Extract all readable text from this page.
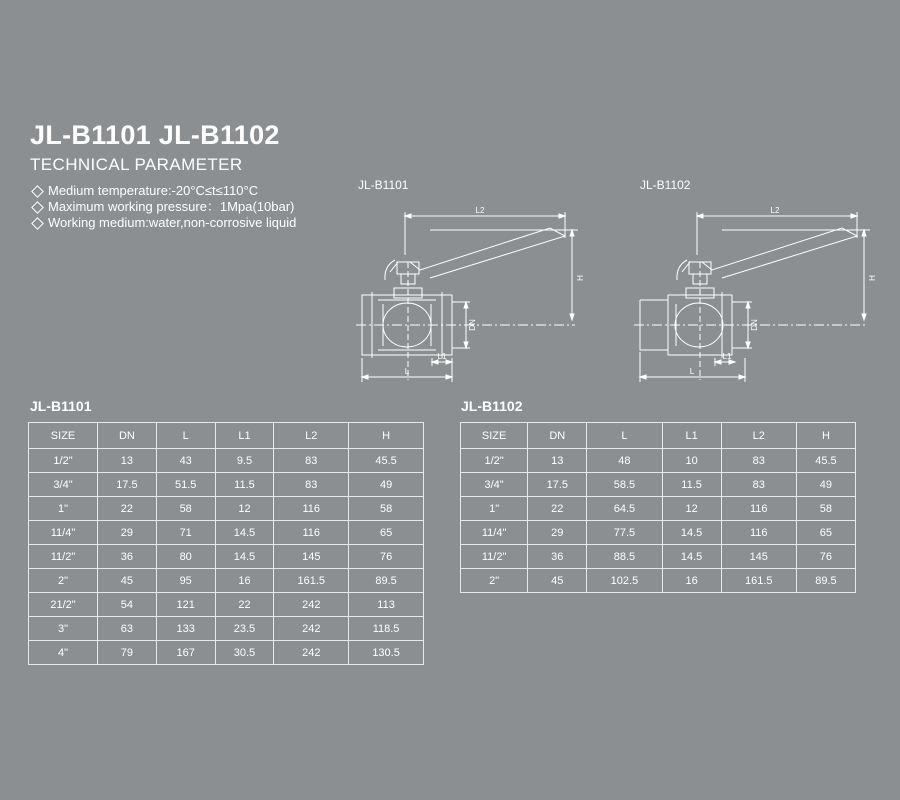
JL-B1101 JL-B1102
TECHNICAL PARAMETER
Medium temperature:-20°C≤t≤110°C
Maximum working pressure：1Mpa(10bar)
Working medium:water,non-corrosive liquid
JL-B1101
L2
H
DN
L1
L
JL-B1102
L2
H
DN
L1
L
JL-B1101
SIZE	DN	L	L1	L2	H
1/2"	13	43	9.5	83	45.5
3/4"	17.5	51.5	11.5	83	49
1"	22	58	12	116	58
11/4"	29	71	14.5	116	65
11/2"	36	80	14.5	145	76
2"	45	95	16	161.5	89.5
21/2"	54	121	22	242	113
3"	63	133	23.5	242	118.5
4"	79	167	30.5	242	130.5
JL-B1102
SIZE	DN	L	L1	L2	H
1/2"	13	48	10	83	45.5
3/4"	17.5	58.5	11.5	83	49
1"	22	64.5	12	116	58
11/4"	29	77.5	14.5	116	65
11/2"	36	88.5	14.5	145	76
2"	45	102.5	16	161.5	89.5
